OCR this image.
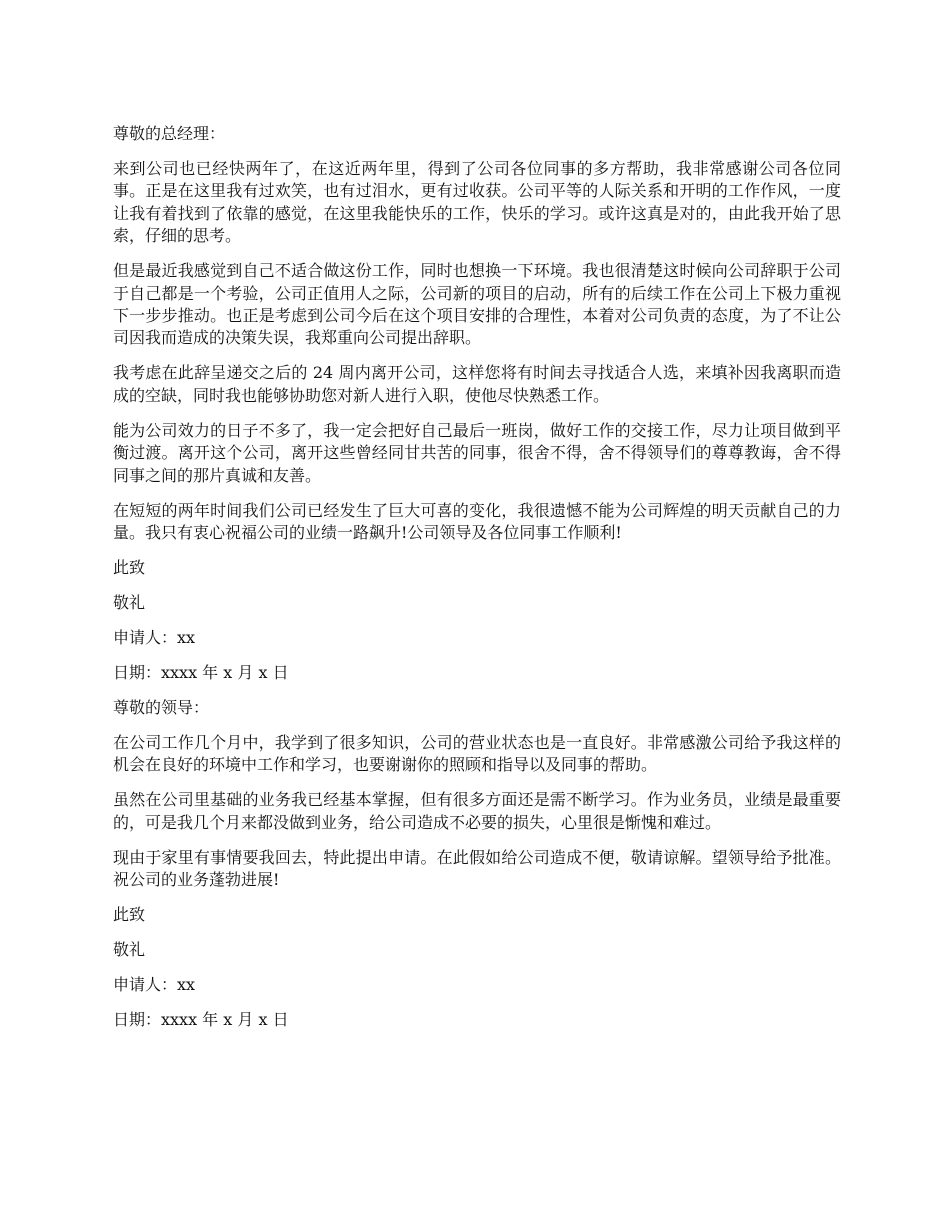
尊敬的总经理：

来到公司也已经快两年了，在这近两年里，得到了公司各位同事的多方帮助，我非常感谢公司各位同事。正是在这里我有过欢笑，也有过泪水，更有过收获。公司平等的人际关系和开明的工作作风，一度让我有着找到了依靠的感觉，在这里我能快乐的工作，快乐的学习。或许这真是对的，由此我开始了思索，仔细的思考。

但是最近我感觉到自己不适合做这份工作，同时也想换一下环境。我也很清楚这时候向公司辞职于公司于自己都是一个考验，公司正值用人之际，公司新的项目的启动，所有的后续工作在公司上下极力重视下一步步推动。也正是考虑到公司今后在这个项目安排的合理性，本着对公司负责的态度，为了不让公司因我而造成的决策失误，我郑重向公司提出辞职。

我考虑在此辞呈递交之后的 24 周内离开公司，这样您将有时间去寻找适合人选，来填补因我离职而造成的空缺，同时我也能够协助您对新人进行入职，使他尽快熟悉工作。

能为公司效力的日子不多了，我一定会把好自己最后一班岗，做好工作的交接工作，尽力让项目做到平衡过渡。离开这个公司，离开这些曾经同甘共苦的同事，很舍不得，舍不得领导们的尊尊教诲，舍不得同事之间的那片真诚和友善。

在短短的两年时间我们公司已经发生了巨大可喜的变化，我很遗憾不能为公司辉煌的明天贡献自己的力量。我只有衷心祝福公司的业绩一路飙升!公司领导及各位同事工作顺利!

此致

敬礼

申请人：xx

日期：xxxx 年 x 月 x 日

尊敬的领导：

在公司工作几个月中，我学到了很多知识，公司的营业状态也是一直良好。非常感激公司给予我这样的机会在良好的环境中工作和学习，也要谢谢你的照顾和指导以及同事的帮助。

虽然在公司里基础的业务我已经基本掌握，但有很多方面还是需不断学习。作为业务员，业绩是最重要的，可是我几个月来都没做到业务，给公司造成不必要的损失，心里很是惭愧和难过。

现由于家里有事情要我回去，特此提出申请。在此假如给公司造成不便，敬请谅解。望领导给予批准。祝公司的业务蓬勃进展!

此致

敬礼

申请人：xx

日期：xxxx 年 x 月 x 日
